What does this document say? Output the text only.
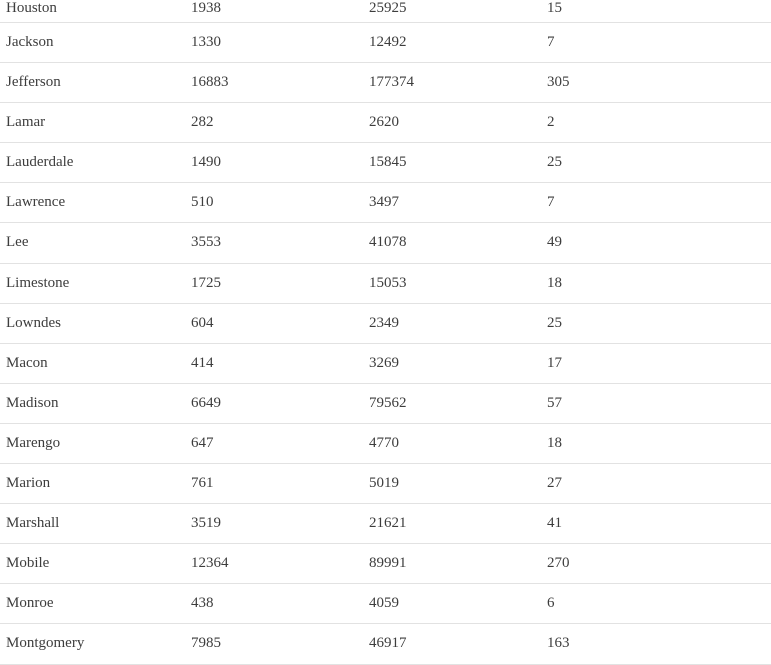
Houston	1938	25925	15
Jackson	1330	12492	7
Jefferson	16883	177374	305
Lamar	282	2620	2
Lauderdale	1490	15845	25
Lawrence	510	3497	7
Lee	3553	41078	49
Limestone	1725	15053	18
Lowndes	604	2349	25
Macon	414	3269	17
Madison	6649	79562	57
Marengo	647	4770	18
Marion	761	5019	27
Marshall	3519	21621	41
Mobile	12364	89991	270
Monroe	438	4059	6
Montgomery	7985	46917	163
